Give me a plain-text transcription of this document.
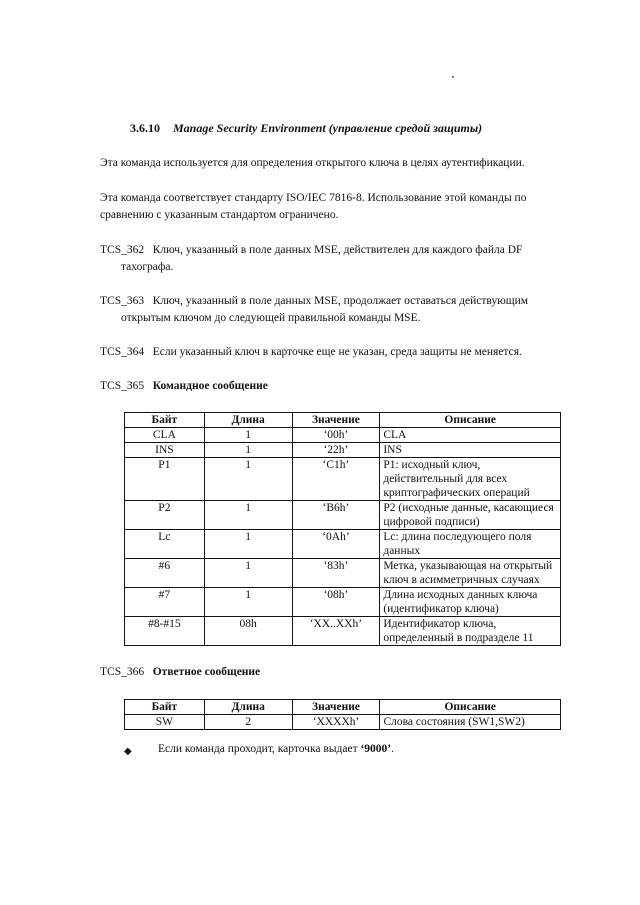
3.6.10 Manage Security Environment (управление средой защиты)
Эта команда используется для определения открытого ключа в целях аутентификации.
Эта команда соответствует стандарту ISO/IEC 7816-8. Использование этой команды по
сравнению с указанным стандартом ограничено.
TCS_362 Ключ, указанный в поле данных MSE, действителен для каждого файла DF
тахографа.
TCS_363 Ключ, указанный в поле данных MSE, продолжает оставаться действующим
открытым ключом до следующей правильной команды MSE.
TCS_364 Если указанный ключ в карточке еще не указан, среда защиты не меняется.
TCS_365 Командное сообщение
Байт	Длина	Значение	Описание
CLA	1	‘00h’	CLA
INS	1	‘22h’	INS
P1	1	‘C1h’	P1: исходный ключ,
действительный для всех
криптографических операций

P2	1	‘B6h’	P2 (исходные данные, касающиеся
цифровой подписи)

Lc	1	‘0Ah’	Lc: длина последующего поля
данных

#6	1	‘83h’	Метка, указывающая на открытый
ключ в асимметричных случаях

#7	1	‘08h’	Длина исходных данных ключа
(идентификатор ключа)

#8-#15	08h	‘XX..XXh’	Идентификатор ключа,
определенный в подразделе 11
TCS_366 Ответное сообщение
Байт	Длина	Значение	Описание
SW	2	‘XXXXh’	Слова состояния (SW1,SW2)
◆ Если команда проходит, карточка выдает ‘9000’.
